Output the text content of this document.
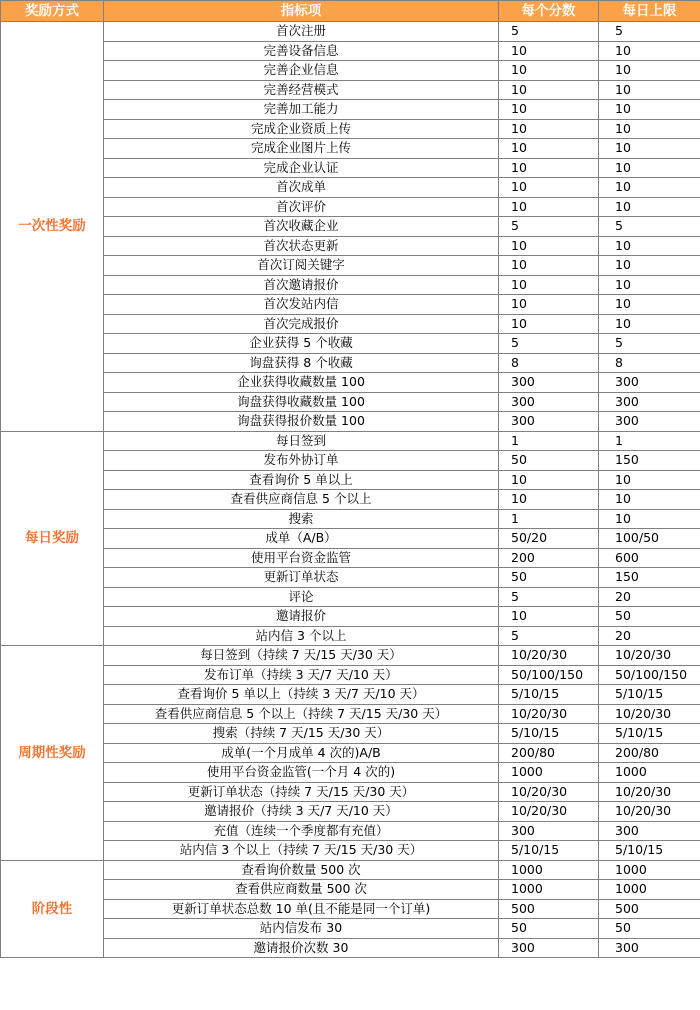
奖励方式	指标项	每个分数	每日上限
一次性奖励	首次注册	5	5
	完善设备信息	10	10
	完善企业信息	10	10
	完善经营模式	10	10
	完善加工能力	10	10
	完成企业资质上传	10	10
	完成企业图片上传	10	10
	完成企业认证	10	10
	首次成单	10	10
	首次评价	10	10
	首次收藏企业	5	5
	首次状态更新	10	10
	首次订阅关键字	10	10
	首次邀请报价	10	10
	首次发站内信	10	10
	首次完成报价	10	10
	企业获得 5 个收藏	5	5
	询盘获得 8 个收藏	8	8
	企业获得收藏数量 100	300	300
	询盘获得收藏数量 100	300	300
	询盘获得报价数量 100	300	300
每日奖励	每日签到	1	1
	发布外协订单	50	150
	查看询价 5 单以上	10	10
	查看供应商信息 5 个以上	10	10
	搜索	1	10
	成单（A/B）	50/20	100/50
	使用平台资金监管	200	600
	更新订单状态	50	150
	评论	5	20
	邀请报价	10	50
	站内信 3 个以上	5	20
周期性奖励	每日签到（持续 7 天/15 天/30 天）	10/20/30	10/20/30
	发布订单（持续 3 天/7 天/10 天）	50/100/150	50/100/150
	查看询价 5 单以上（持续 3 天/7 天/10 天）	5/10/15	5/10/15
	查看供应商信息 5 个以上（持续 7 天/15 天/30 天）	10/20/30	10/20/30
	搜索（持续 7 天/15 天/30 天）	5/10/15	5/10/15
	成单(一个月成单 4 次的)A/B	200/80	200/80
	使用平台资金监管(一个月 4 次的)	1000	1000
	更新订单状态（持续 7 天/15 天/30 天）	10/20/30	10/20/30
	邀请报价（持续 3 天/7 天/10 天）	10/20/30	10/20/30
	充值（连续一个季度都有充值）	300	300
	站内信 3 个以上（持续 7 天/15 天/30 天）	5/10/15	5/10/15
阶段性	查看询价数量 500 次	1000	1000
	查看供应商数量 500 次	1000	1000
	更新订单状态总数 10 单(且不能是同一个订单)	500	500
	站内信发布 30	50	50
	邀请报价次数 30	300	300
